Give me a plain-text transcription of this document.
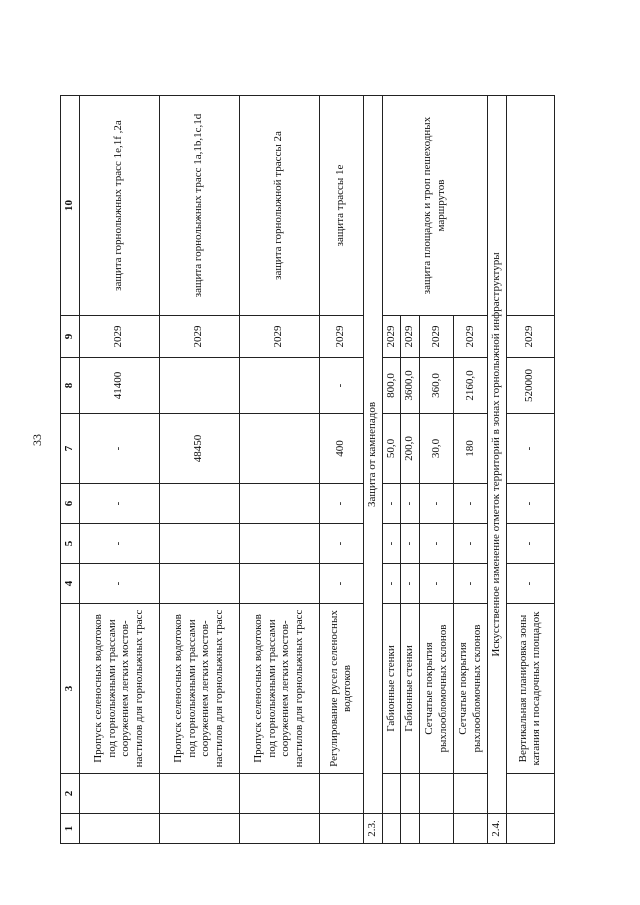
33
1	2	3	4	5	6	7	8	9	10
		Пропуск селеносных водотоков под горнолыжными трассами сооружением легких мостов-настилов для горнолыжных трасс	-	-	-	-	41400	2029	защита горнолыжных трасс 1е,1f ,2а
		Пропуск селеносных водотоков под горнолыжными трассами сооружением легких мостов-настилов для горнолыжных трасс				48450		2029	защита горнолыжных трасс 1а,1b,1с,1d
		Пропуск селеносных водотоков под горнолыжными трассами сооружением легких мостов-настилов для горнолыжных трасс						2029	защита горнолыжной трассы 2а
		Регулирование русел селеносных водотоков	-	-	-	400	-	2029	защита трассы 1е
2.3.	Защита от камнепадов								
		Габионные стенки	-	-	-	50,0	800,0	2029	защита площадок и троп пешеходных маршрутов
		Габионные стенки	-	-	-	200,0	3600,0	2029	
		Сетчатые покрытия рыхлообломочных склонов	-	-	-	30,0	360,0	2029	
		Сетчатые покрытия рыхлообломочных склонов	-	-	-	180	2160,0	2029	
2.4.	Искусственное изменение отметок территорий в зонах горнолыжной инфраструктуры								
		Вертикальная планировка зоны катания и посадочных площадок	-	-	-	-	520000	2029	
